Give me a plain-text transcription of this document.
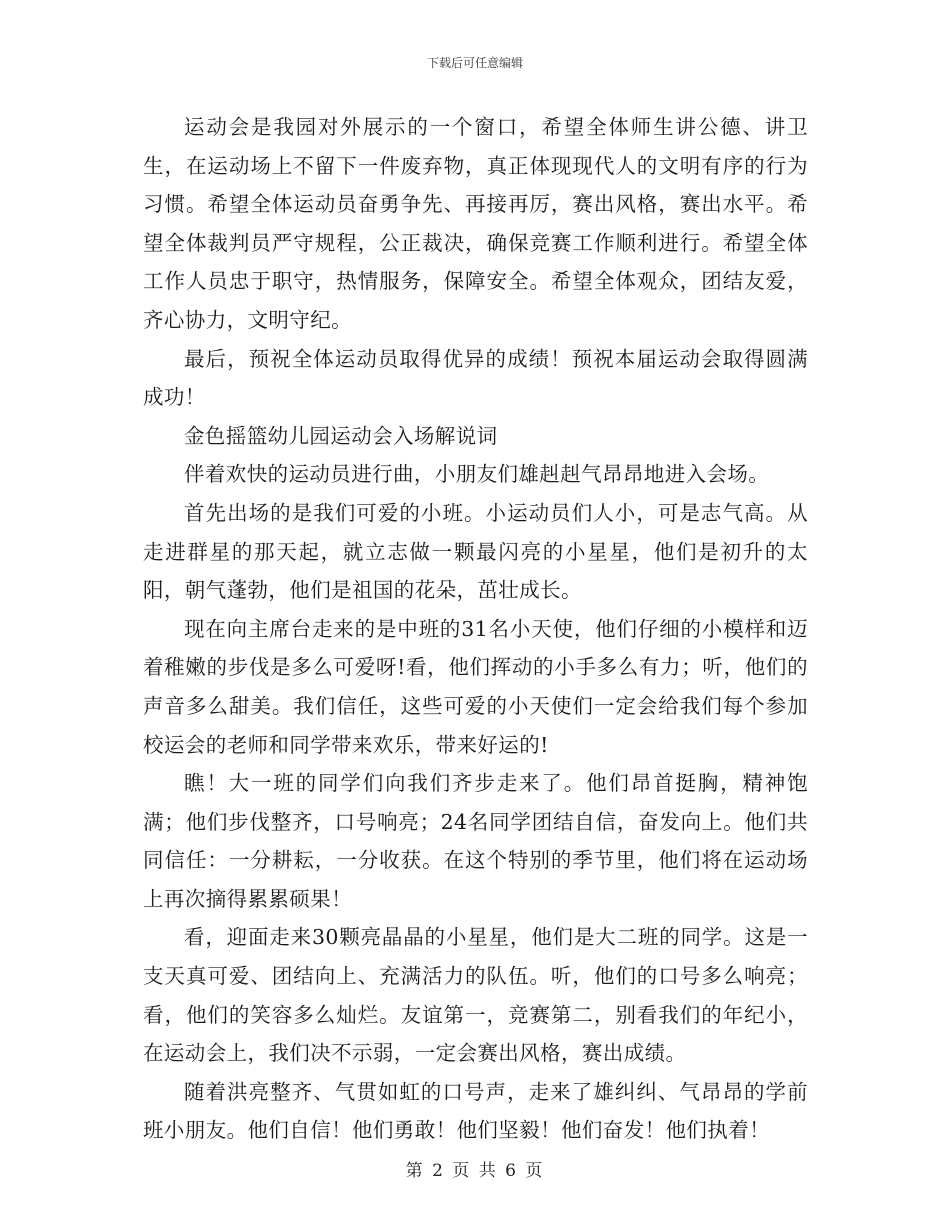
下载后可任意编辑

运动会是我园对外展示的一个窗口，希望全体师生讲公德、讲卫生，在运动场上不留下一件废弃物，真正体现现代人的文明有序的行为习惯。希望全体运动员奋勇争先、再接再厉，赛出风格，赛出水平。希望全体裁判员严守规程，公正裁决，确保竞赛工作顺利进行。希望全体工作人员忠于职守，热情服务，保障安全。希望全体观众，团结友爱，齐心协力，文明守纪。

最后，预祝全体运动员取得优异的成绩！预祝本届运动会取得圆满成功！

金色摇篮幼儿园运动会入场解说词

伴着欢快的运动员进行曲，小朋友们雄赳赳气昂昂地进入会场。

首先出场的是我们可爱的小班。小运动员们人小，可是志气高。从走进群星的那天起，就立志做一颗最闪亮的小星星，他们是初升的太阳，朝气蓬勃，他们是祖国的花朵，茁壮成长。

现在向主席台走来的是中班的31名小天使，他们仔细的小模样和迈着稚嫩的步伐是多么可爱呀!看，他们挥动的小手多么有力；听，他们的声音多么甜美。我们信任，这些可爱的小天使们一定会给我们每个参加校运会的老师和同学带来欢乐，带来好运的!

瞧！大一班的同学们向我们齐步走来了。他们昂首挺胸，精神饱满；他们步伐整齐，口号响亮；24名同学团结自信，奋发向上。他们共同信任：一分耕耘，一分收获。在这个特别的季节里，他们将在运动场上再次摘得累累硕果！

看，迎面走来30颗亮晶晶的小星星，他们是大二班的同学。这是一支天真可爱、团结向上、充满活力的队伍。听，他们的口号多么响亮；看，他们的笑容多么灿烂。友谊第一，竞赛第二，别看我们的年纪小，在运动会上，我们决不示弱，一定会赛出风格，赛出成绩。

随着洪亮整齐、气贯如虹的口号声，走来了雄纠纠、气昂昂的学前班小朋友。他们自信！他们勇敢！他们坚毅！他们奋发！他们执着！

第 2 页 共 6 页
